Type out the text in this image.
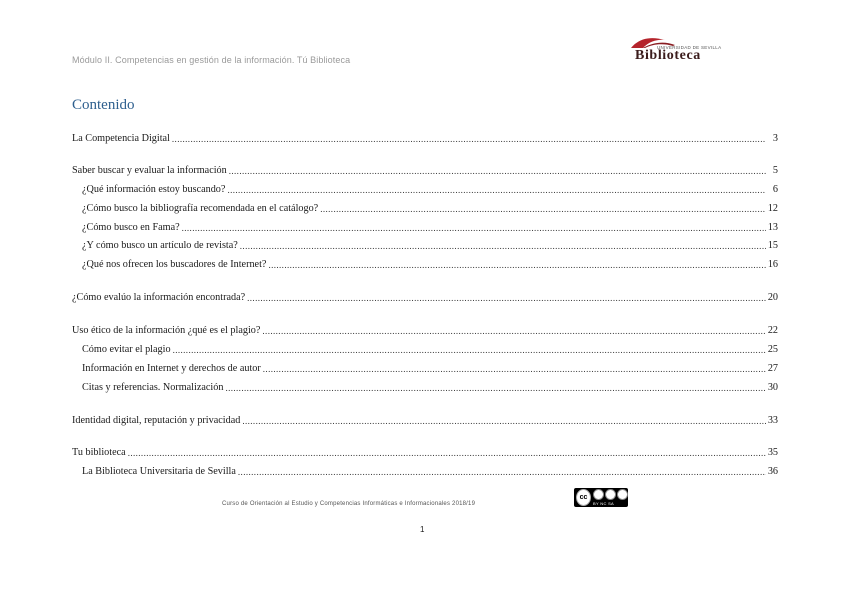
Módulo II. Competencias en gestión de la información. Tú Biblioteca
UNIVERSIDAD DE SEVILLA
Biblioteca
Contenido
La Competencia Digital .....	3
Saber buscar y evaluar la información .....	5
¿Qué información estoy buscando? .....	6
¿Cómo busco la bibliografía recomendada en el catálogo? .....	12
¿Cómo busco en Fama? .....	13
¿Y cómo busco un artículo de revista? .....	15
¿Qué nos ofrecen los buscadores de Internet? .....	16
¿Cómo evalúo la información encontrada? .....	20
Uso ético de la información ¿qué es el plagio? .....	22
Cómo evitar el plagio .....	25
Información en Internet y derechos de autor .....	27
Citas y referencias. Normalización .....	30
Identidad digital, reputación y privacidad .....	33
Tu biblioteca .....	35
La Biblioteca Universitaria de Sevilla .....	36
Curso de Orientación al Estudio y Competencias Informáticas e Informacionales 2018/19
cc
BY NC SA
1
